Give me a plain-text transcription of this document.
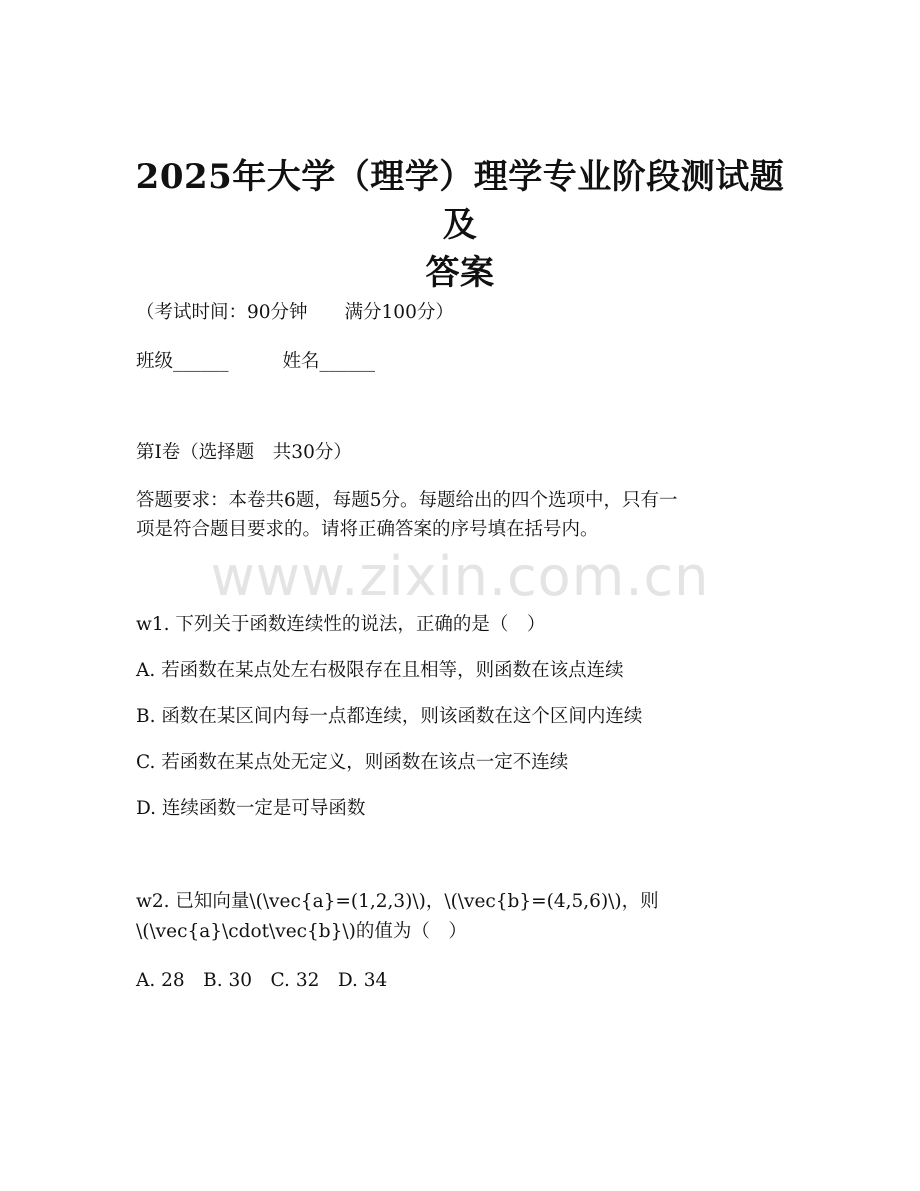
www.zixin.com.cn
2025年大学（理学）理学专业阶段测试题及
答案
（考试时间：90分钟　　满分100分）
班级______	姓名______
第I卷（选择题　共30分）
答题要求：本卷共6题，每题5分。每题给出的四个选项中，只有一
项是符合题目要求的。请将正确答案的序号填在括号内。
w1. 下列关于函数连续性的说法，正确的是（　）
A. 若函数在某点处左右极限存在且相等，则函数在该点连续
B. 函数在某区间内每一点都连续，则该函数在这个区间内连续
C. 若函数在某点处无定义，则函数在该点一定不连续
D. 连续函数一定是可导函数
w2. 已知向量\(\vec{a}=(1,2,3)\)，\(\vec{b}=(4,5,6)\)，则
\(\vec{a}\cdot\vec{b}\)的值为（　）
A. 28　B. 30　C. 32　D. 34
